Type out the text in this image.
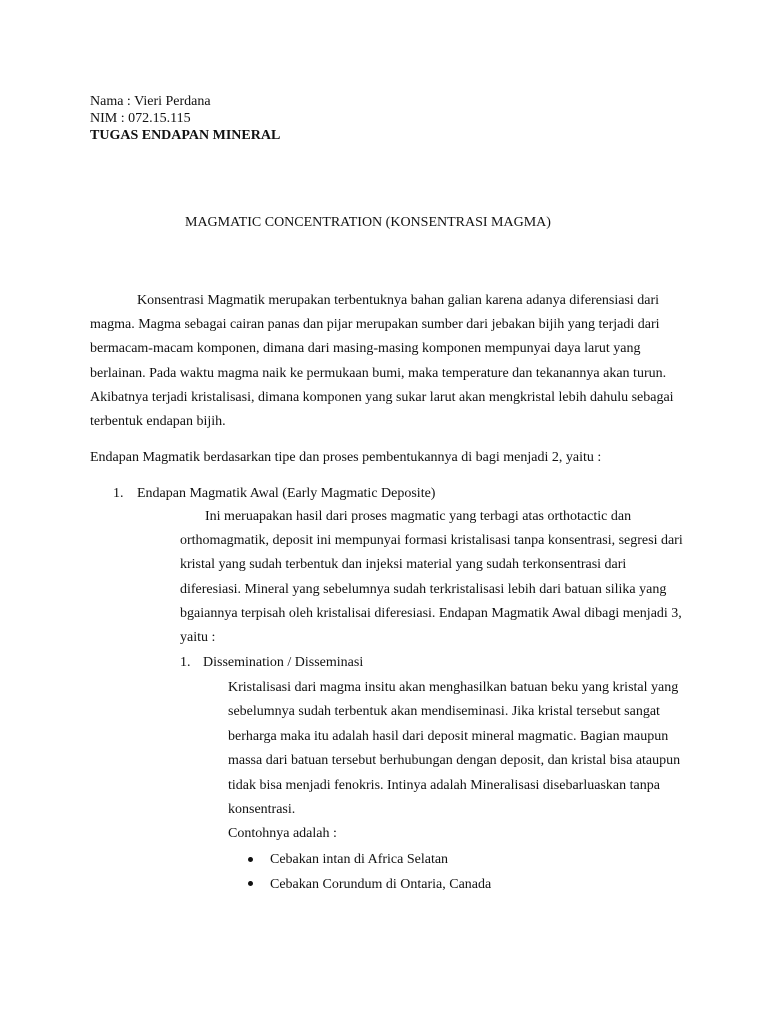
Nama : Vieri Perdana

NIM : 072.15.115

TUGAS ENDAPAN MINERAL

MAGMATIC CONCENTRATION (KONSENTRASI MAGMA)

Konsentrasi Magmatik merupakan terbentuknya bahan galian karena adanya diferensiasi dari

magma. Magma sebagai cairan panas dan pijar merupakan sumber dari jebakan bijih yang terjadi dari

bermacam-macam komponen, dimana dari masing-masing komponen mempunyai daya larut yang

berlainan. Pada waktu magma naik ke permukaan bumi, maka temperature dan tekanannya akan turun.

Akibatnya terjadi kristalisasi, dimana komponen yang sukar larut akan mengkristal lebih dahulu sebagai

terbentuk endapan bijih.

Endapan Magmatik berdasarkan tipe dan proses pembentukannya di bagi menjadi 2, yaitu :

1. Endapan Magmatik Awal (Early Magmatic Deposite)

Ini meruapakan hasil dari proses magmatic yang terbagi atas orthotactic dan

orthomagmatik, deposit ini mempunyai formasi kristalisasi tanpa konsentrasi, segresi dari

kristal yang sudah terbentuk dan injeksi material yang sudah terkonsentrasi dari

diferesiasi. Mineral yang sebelumnya sudah terkristalisasi lebih dari batuan silika yang

bgaiannya terpisah oleh kristalisai diferesiasi. Endapan Magmatik Awal dibagi menjadi 3,

yaitu :

1. Dissemination / Disseminasi

Kristalisasi dari magma insitu akan menghasilkan batuan beku yang kristal yang

sebelumnya sudah terbentuk akan mendiseminasi. Jika kristal tersebut sangat

berharga maka itu adalah hasil dari deposit mineral magmatic. Bagian maupun

massa dari batuan tersebut berhubungan dengan deposit, dan kristal bisa ataupun

tidak bisa menjadi fenokris. Intinya adalah Mineralisasi disebarluaskan tanpa

konsentrasi.

Contohnya adalah :

Cebakan intan di Africa Selatan

Cebakan Corundum di Ontaria, Canada
